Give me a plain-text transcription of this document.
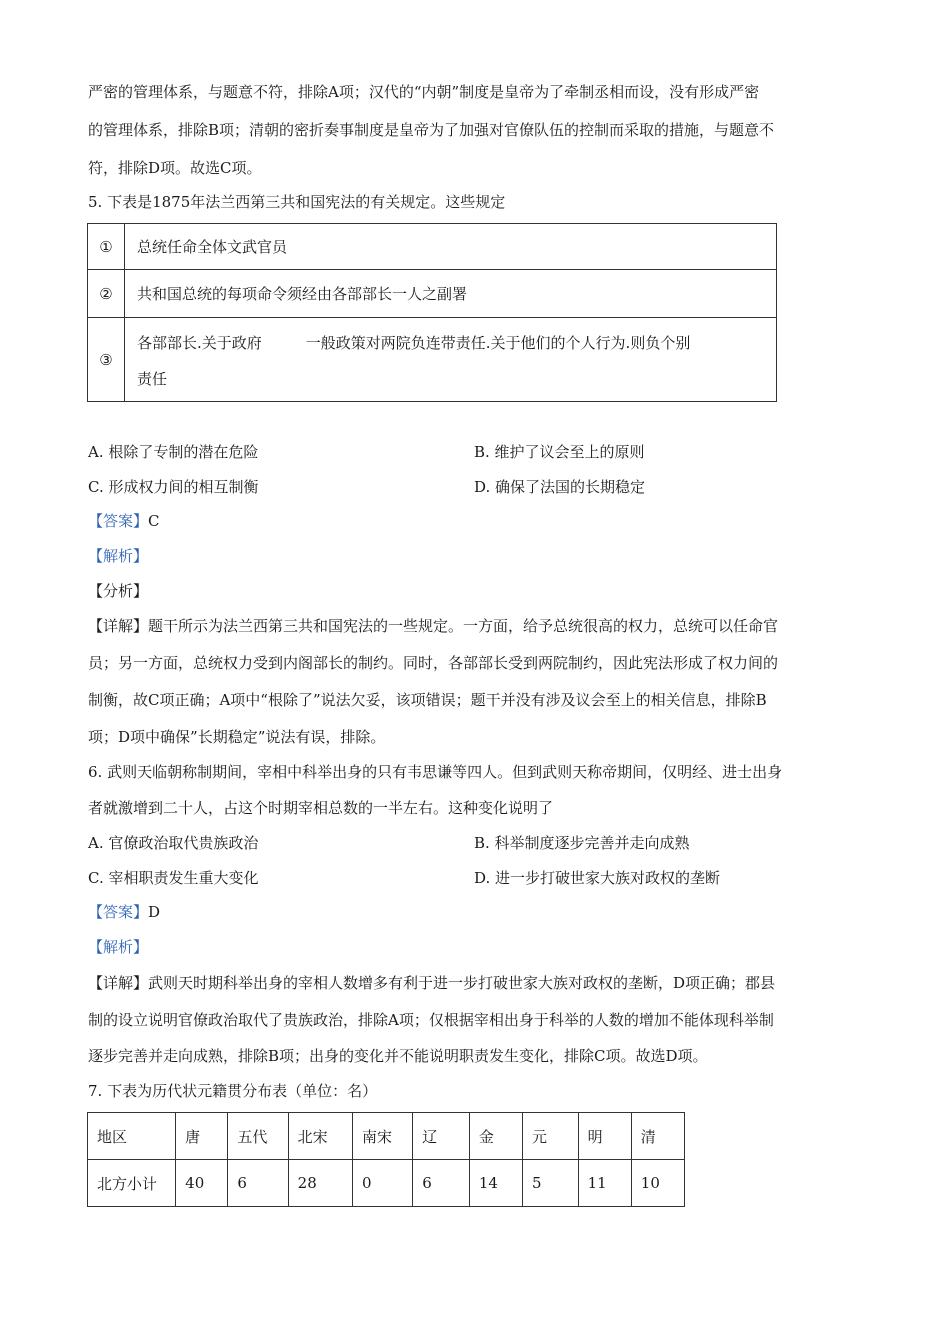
严密的管理体系，与题意不符，排除A项；汉代的“内朝”制度是皇帝为了牵制丞相而设，没有形成严密
的管理体系，排除B项；清朝的密折奏事制度是皇帝为了加强对官僚队伍的控制而采取的措施，与题意不
符，排除D项。故选C项。
5. 下表是1875年法兰西第三共和国宪法的有关规定。这些规定
①	总统任命全体文武官员
②	共和国总统的每项命令须经由各部部长一人之副署
③	各部部长.关于政府 一般政策对两院负连带责任.关于他们的个人行为.则负个别
责任
A. 根除了专制的潜在危险	B. 维护了议会至上的原则
C. 形成权力间的相互制衡	D. 确保了法国的长期稳定
【答案】C
【解析】
【分析】
【详解】题干所示为法兰西第三共和国宪法的一些规定。一方面，给予总统很高的权力，总统可以任命官
员；另一方面，总统权力受到内阁部长的制约。同时，各部部长受到两院制约，因此宪法形成了权力间的
制衡，故C项正确；A项中“根除了”说法欠妥，该项错误；题干并没有涉及议会至上的相关信息，排除B
项；D项中确保”长期稳定”说法有误，排除。
6. 武则天临朝称制期间，宰相中科举出身的只有韦思谦等四人。但到武则天称帝期间，仅明经、进士出身
者就激增到二十人，占这个时期宰相总数的一半左右。这种变化说明了
A. 官僚政治取代贵族政治	B. 科举制度逐步完善并走向成熟
C. 宰相职责发生重大变化	D. 进一步打破世家大族对政权的垄断
【答案】D
【解析】
【详解】武则天时期科举出身的宰相人数增多有利于进一步打破世家大族对政权的垄断，D项正确；郡县
制的设立说明官僚政治取代了贵族政治，排除A项；仅根据宰相出身于科举的人数的增加不能体现科举制
逐步完善并走向成熟，排除B项；出身的变化并不能说明职责发生变化，排除C项。故选D项。
7. 下表为历代状元籍贯分布表（单位：名）
地区	唐	五代	北宋	南宋	辽	金	元	明	清
北方小计	40	6	28	0	6	14	5	11	10
